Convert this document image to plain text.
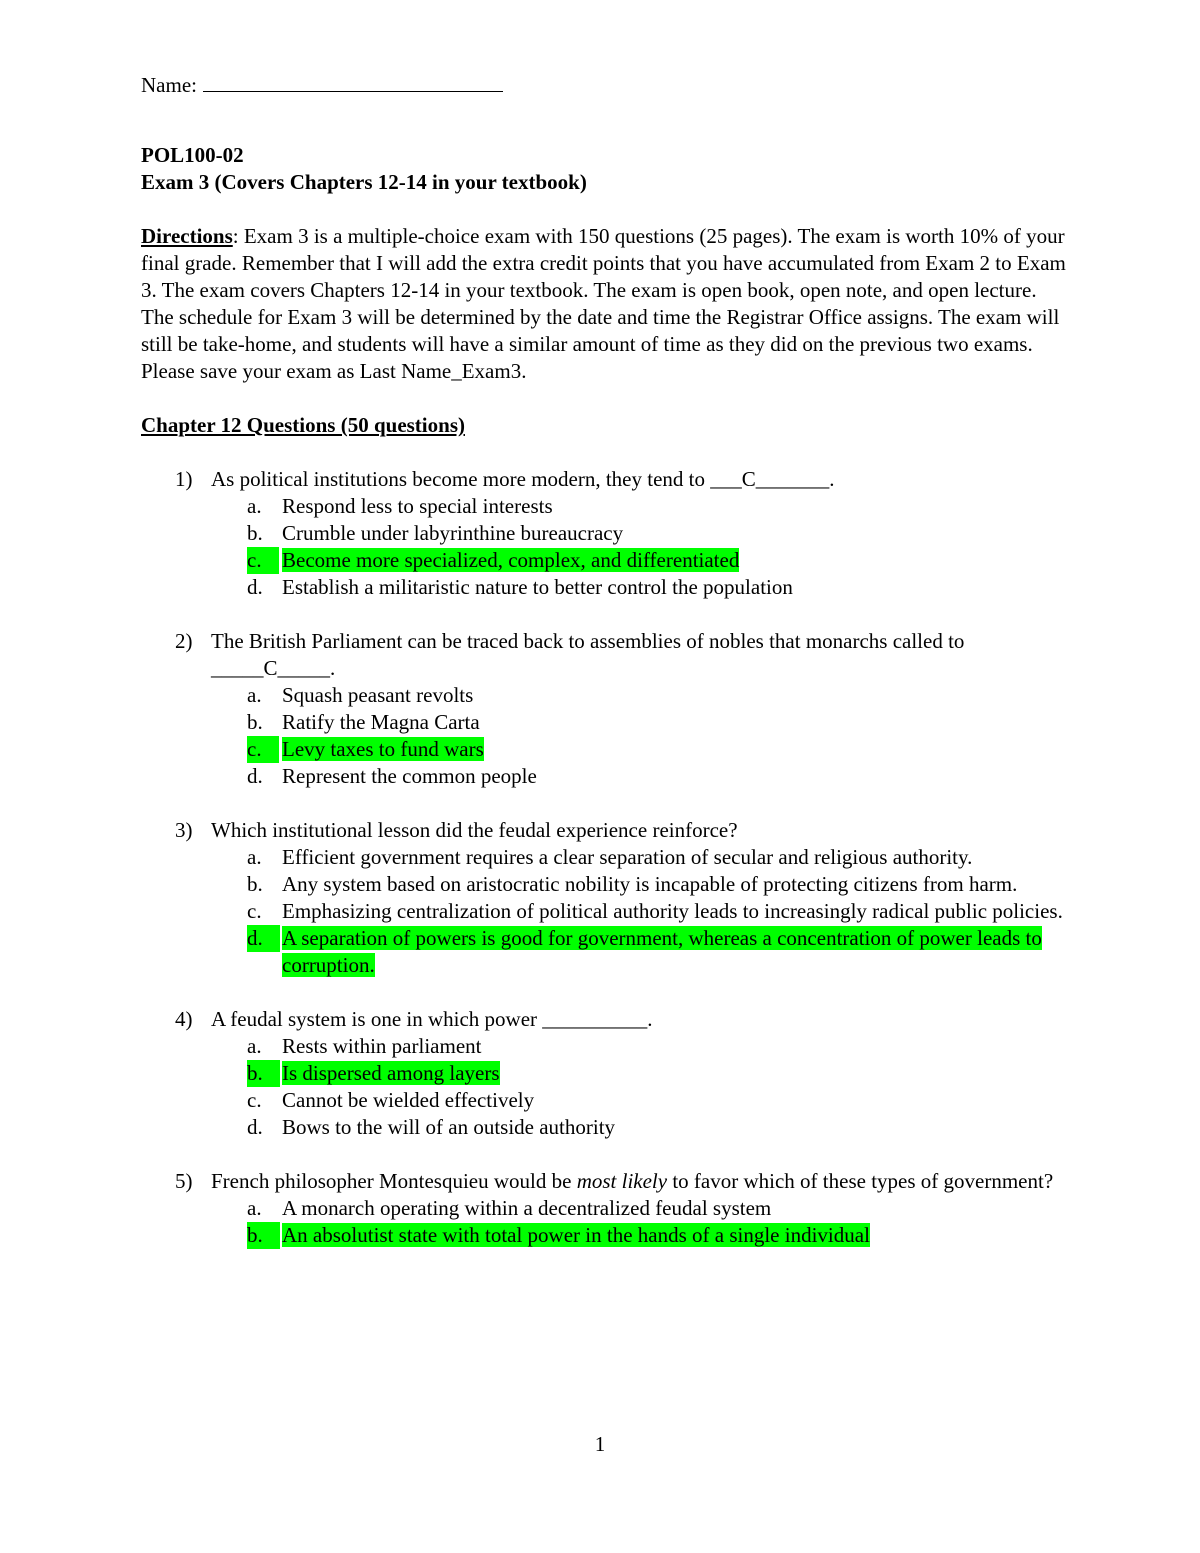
Name:
POL100-02
Exam 3 (Covers Chapters 12-14 in your textbook)
Directions: Exam 3 is a multiple-choice exam with 150 questions (25 pages). The exam is worth 10% of your final grade. Remember that I will add the extra credit points that you have accumulated from Exam 2 to Exam 3. The exam covers Chapters 12-14 in your textbook. The exam is open book, open note, and open lecture. The schedule for Exam 3 will be determined by the date and time the Registrar Office assigns. The exam will still be take-home, and students will have a similar amount of time as they did on the previous two exams. Please save your exam as Last Name_Exam3.
Chapter 12 Questions (50 questions)
1) As political institutions become more modern, they tend to ___C_______.
a. Respond less to special interests
b. Crumble under labyrinthine bureaucracy
c. Become more specialized, complex, and differentiated
d. Establish a militaristic nature to better control the population
2) The British Parliament can be traced back to assemblies of nobles that monarchs called to _____C_____.
a. Squash peasant revolts
b. Ratify the Magna Carta
c. Levy taxes to fund wars
d. Represent the common people
3) Which institutional lesson did the feudal experience reinforce?
a. Efficient government requires a clear separation of secular and religious authority.
b. Any system based on aristocratic nobility is incapable of protecting citizens from harm.
c. Emphasizing centralization of political authority leads to increasingly radical public policies.
d. A separation of powers is good for government, whereas a concentration of power leads to corruption.
4) A feudal system is one in which power __________.
a. Rests within parliament
b. Is dispersed among layers
c. Cannot be wielded effectively
d. Bows to the will of an outside authority
5) French philosopher Montesquieu would be most likely to favor which of these types of government?
a. A monarch operating within a decentralized feudal system
b. An absolutist state with total power in the hands of a single individual
1
